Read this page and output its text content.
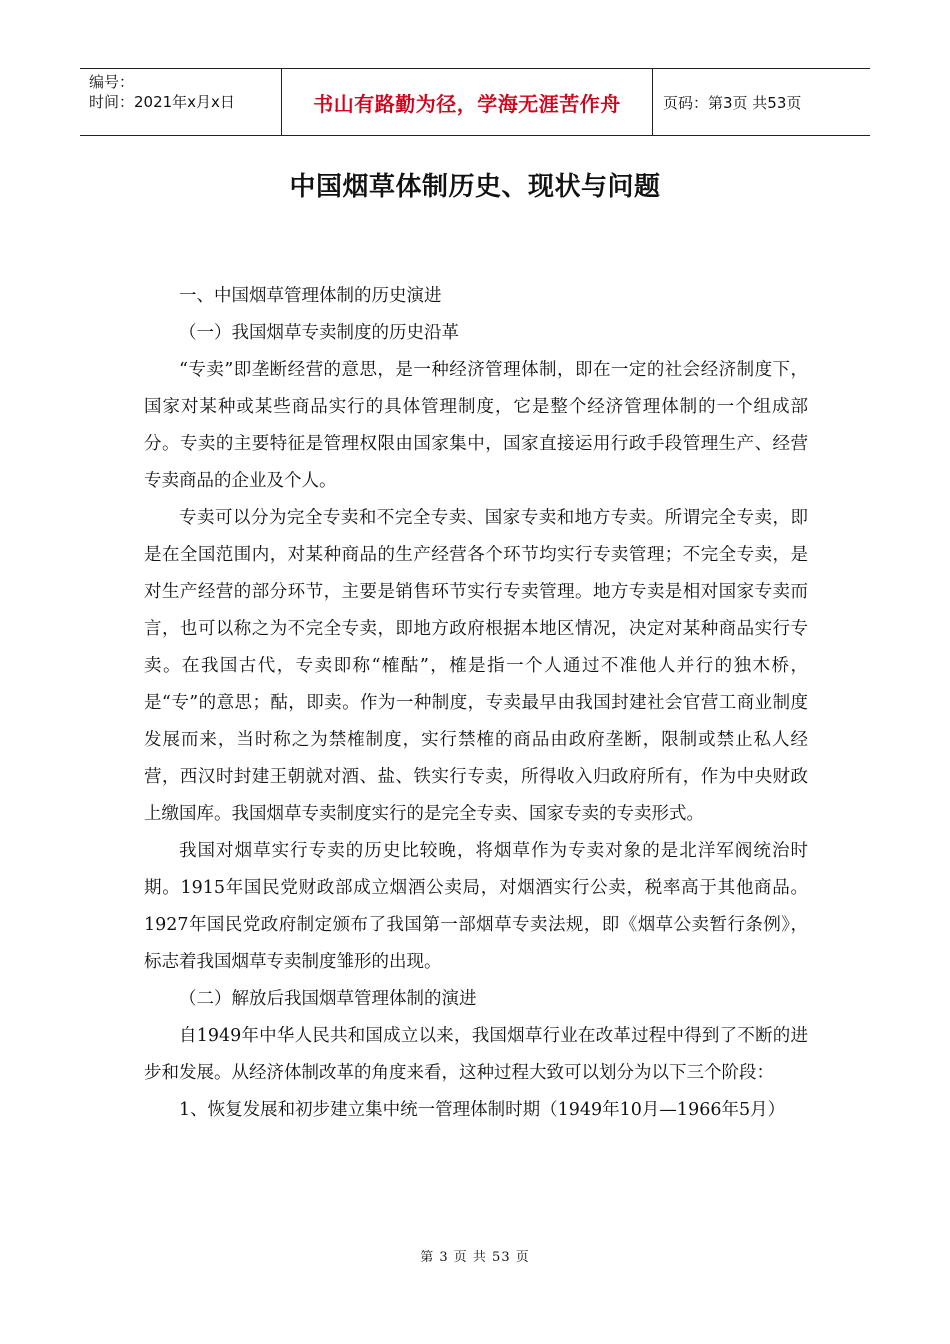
编号：
时间：2021年x月x日	书山有路勤为径，学海无涯苦作舟	页码：第3页 共53页
中国烟草体制历史、现状与问题

一、中国烟草管理体制的历史演进

（一）我国烟草专卖制度的历史沿革

“专卖”即垄断经营的意思，是一种经济管理体制，即在一定的社会经济制度下，国家对某种或某些商品实行的具体管理制度，它是整个经济管理体制的一个组成部分。专卖的主要特征是管理权限由国家集中，国家直接运用行政手段管理生产、经营专卖商品的企业及个人。

专卖可以分为完全专卖和不完全专卖、国家专卖和地方专卖。所谓完全专卖，即是在全国范围内，对某种商品的生产经营各个环节均实行专卖管理；不完全专卖，是对生产经营的部分环节，主要是销售环节实行专卖管理。地方专卖是相对国家专卖而言，也可以称之为不完全专卖，即地方政府根据本地区情况，决定对某种商品实行专卖。在我国古代，专卖即称“榷酤”，榷是指一个人通过不准他人并行的独木桥，是“专”的意思；酤，即卖。作为一种制度，专卖最早由我国封建社会官营工商业制度发展而来，当时称之为禁榷制度，实行禁榷的商品由政府垄断，限制或禁止私人经营，西汉时封建王朝就对酒、盐、铁实行专卖，所得收入归政府所有，作为中央财政上缴国库。我国烟草专卖制度实行的是完全专卖、国家专卖的专卖形式。

我国对烟草实行专卖的历史比较晚，将烟草作为专卖对象的是北洋军阀统治时期。1915年国民党财政部成立烟酒公卖局，对烟酒实行公卖，税率高于其他商品。1927年国民党政府制定颁布了我国第一部烟草专卖法规，即《烟草公卖暂行条例》，标志着我国烟草专卖制度雏形的出现。

（二）解放后我国烟草管理体制的演进

自1949年中华人民共和国成立以来，我国烟草行业在改革过程中得到了不断的进步和发展。从经济体制改革的角度来看，这种过程大致可以划分为以下三个阶段：

1、恢复发展和初步建立集中统一管理体制时期（1949年10月—1966年5月）

第 3 页 共 53 页
